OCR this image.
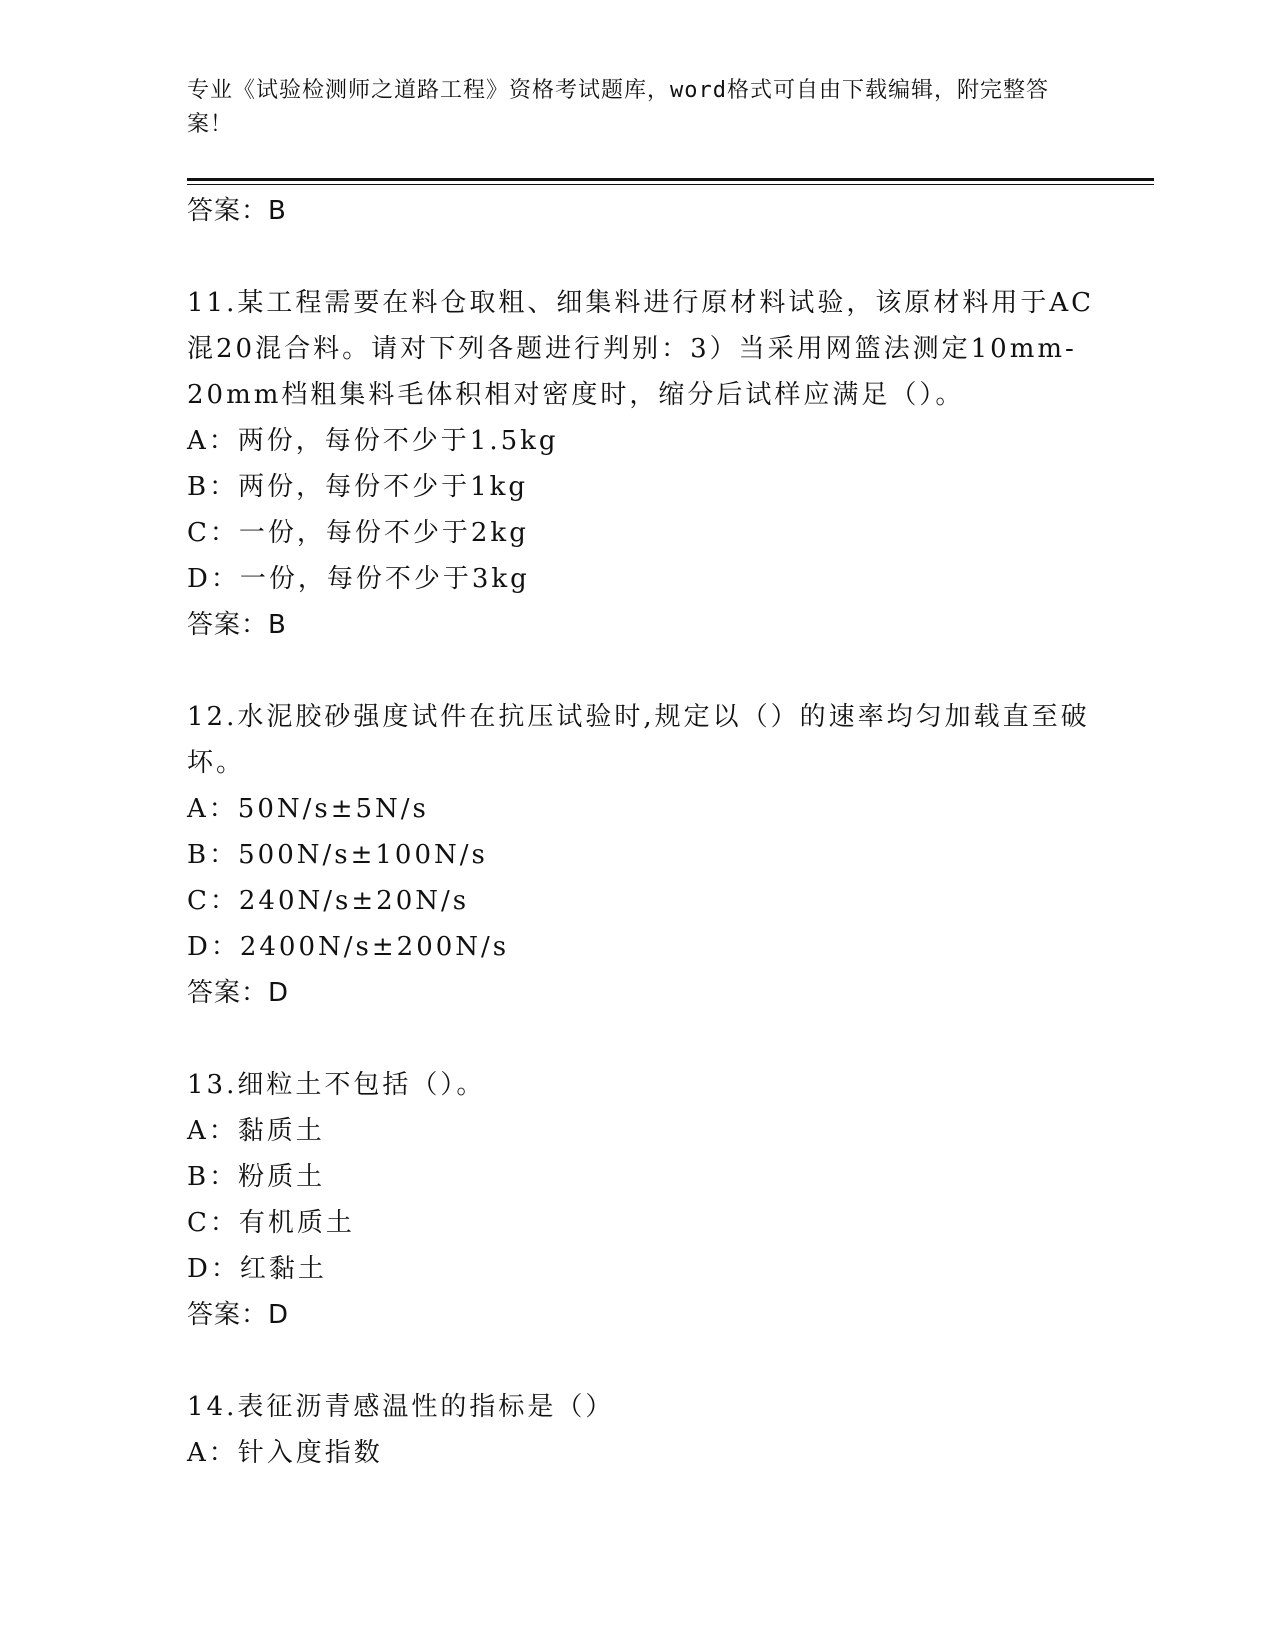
专业《试验检测师之道路工程》资格考试题库，word格式可自由下载编辑，附完整答案！
答案：B
11.某工程需要在料仓取粗、细集料进行原材料试验，该原材料用于AC混20混合料。请对下列各题进行判别：3）当采用网篮法测定10mm-20mm档粗集料毛体积相对密度时，缩分后试样应满足（）。
A：两份，每份不少于1.5kg
B：两份，每份不少于1kg
C：一份，每份不少于2kg
D：一份，每份不少于3kg
答案：B
12.水泥胶砂强度试件在抗压试验时,规定以（）的速率均匀加载直至破坏。
A：50N/s±5N/s
B：500N/s±100N/s
C：240N/s±20N/s
D：2400N/s±200N/s
答案：D
13.细粒土不包括（）。
A：黏质土
B：粉质土
C：有机质土
D：红黏土
答案：D
14.表征沥青感温性的指标是（）
A：针入度指数
